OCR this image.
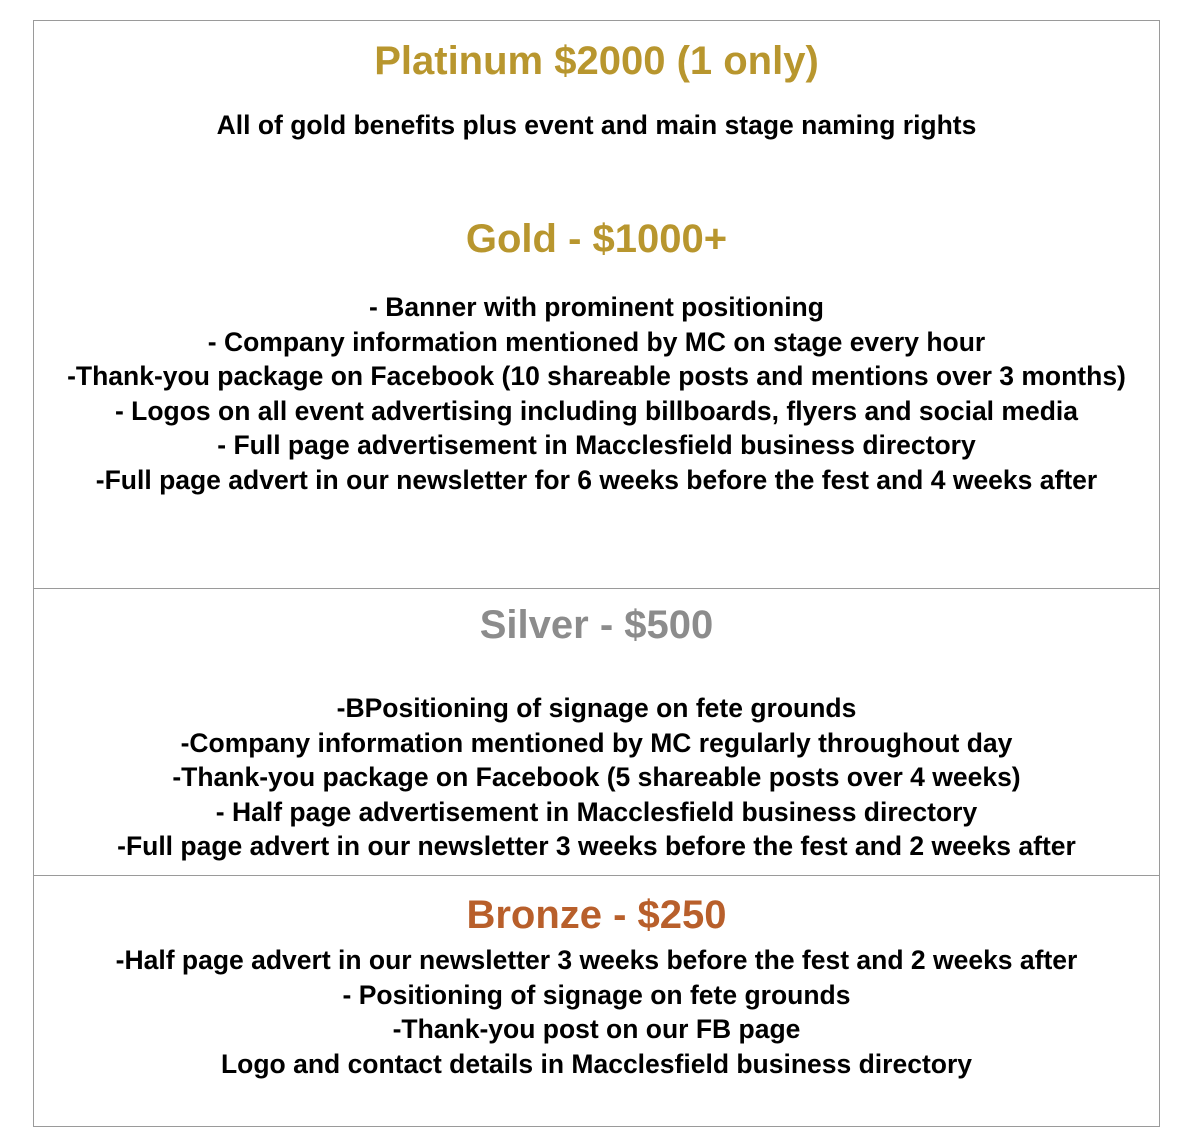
Platinum $2000 (1 only)

All of gold benefits plus event and main stage naming rights

Gold - $1000+

- Banner with prominent positioning
- Company information mentioned by MC on stage every hour
-Thank-you package on Facebook (10 shareable posts and mentions over 3 months)
- Logos on all event advertising including billboards, flyers and social media
- Full page advertisement in Macclesfield business directory
-Full page advert in our newsletter for 6 weeks before the fest and 4 weeks after

Silver - $500

-BPositioning of signage on fete grounds
-Company information mentioned by MC regularly throughout day
-Thank-you package on Facebook (5 shareable posts over 4 weeks)
- Half page advertisement in Macclesfield business directory
-Full page advert in our newsletter 3 weeks before the fest and 2 weeks after

Bronze - $250

-Half page advert in our newsletter 3 weeks before the fest and 2 weeks after
- Positioning of signage on fete grounds
-Thank-you post on our FB page
Logo and contact details in Macclesfield business directory
